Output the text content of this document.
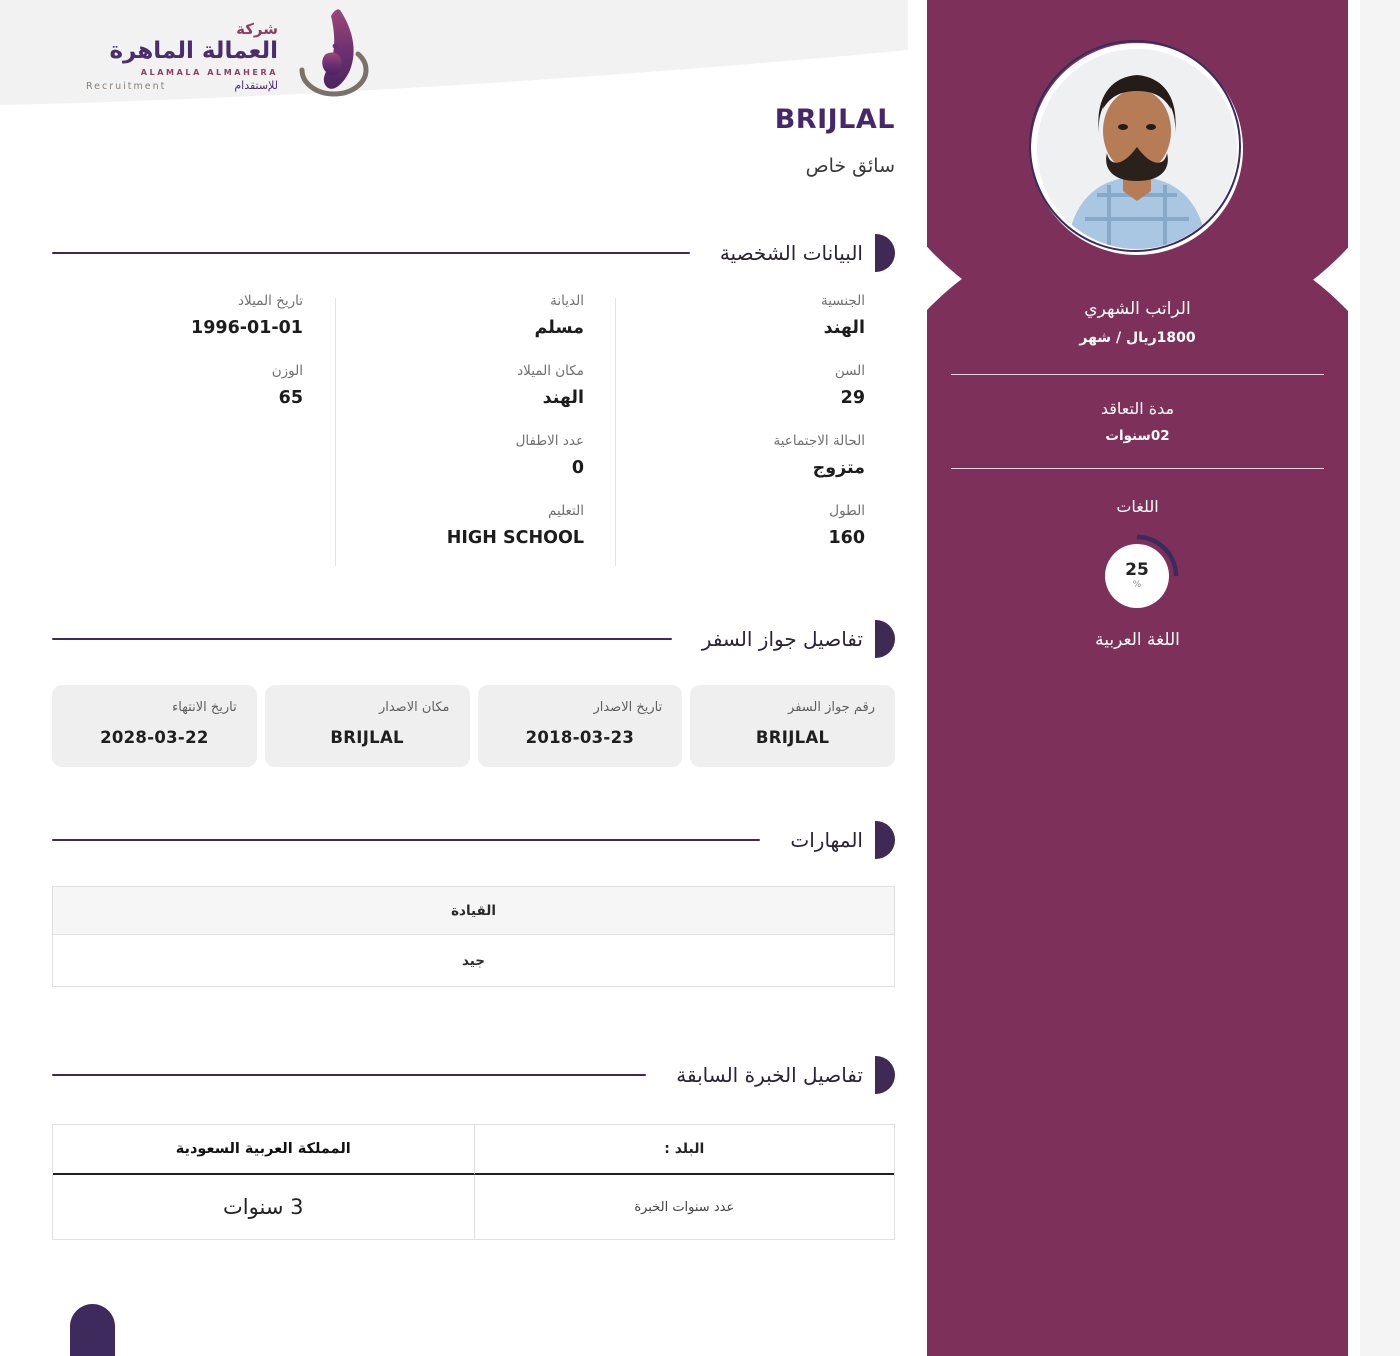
شركة
العمالة الماهرة
ALAMALA ALMAHERA
Recruitment	للإستقدام
BRIJLAL
سائق خاص
البيانات الشخصية
الجنسية
الهند
الديانة
مسلم
تاريخ الميلاد
1996-01-01
السن
29
مكان الميلاد
الهند
الوزن
65
الحالة الاجتماعية
متزوج
عدد الاطفال
0
الطول
160
التعليم
HIGH SCHOOL
تفاصيل جواز السفر
رقم جواز السفر
BRIJLAL
تاريخ الاصدار
2018-03-23
مكان الاصدار
BRIJLAL
تاريخ الانتهاء
2028-03-22
المهارات
القيادة
جيد
تفاصيل الخبرة السابقة
البلد :
المملكة العربية السعودية
عدد سنوات الخبرة
3 سنوات
الراتب الشهري
1800ريال / شهر
مدة التعاقد
02سنوات
اللغات
25
%
اللغة العربية
